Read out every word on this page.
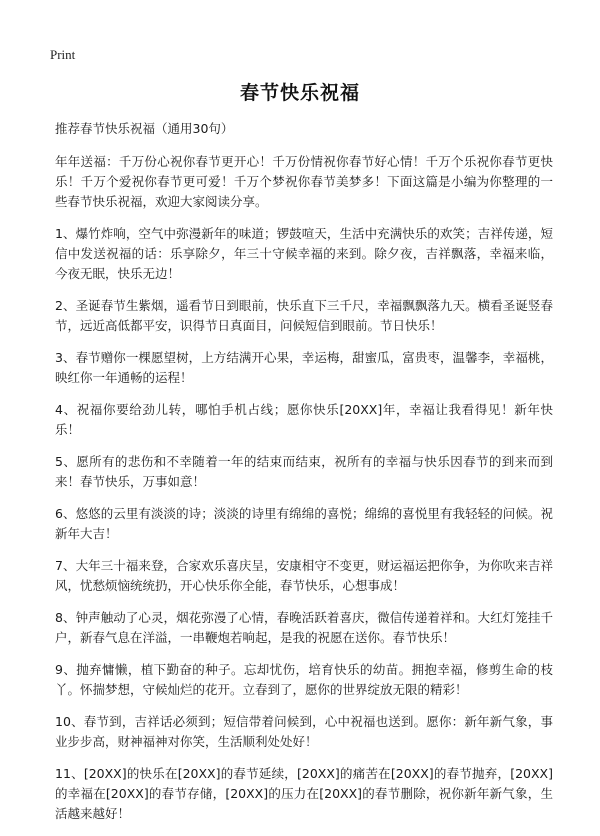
Print
春节快乐祝福

推荐春节快乐祝福（通用30句）

年年送福：千万份心祝你春节更开心！千万份情祝你春节好心情！千万个乐祝你春节更快乐！千万个爱祝你春节更可爱！千万个梦祝你春节美梦多！下面这篇是小编为你整理的一些春节快乐祝福，欢迎大家阅读分享。

1、爆竹炸响，空气中弥漫新年的味道；锣鼓喧天，生活中充满快乐的欢笑；吉祥传递，短信中发送祝福的话：乐享除夕，年三十守候幸福的来到。除夕夜，吉祥飘落，幸福来临，今夜无眠，快乐无边！

2、圣诞春节生紫烟，遥看节日到眼前，快乐直下三千尺，幸福飘飘落九天。横看圣诞竖春节，远近高低都平安，识得节日真面目，问候短信到眼前。节日快乐！

3、春节赠你一棵愿望树，上方结满开心果，幸运梅，甜蜜瓜，富贵枣，温馨李，幸福桃，映红你一年通畅的运程！

4、祝福你要给劲儿转，哪怕手机占线；愿你快乐[20XX]年，幸福让我看得见！新年快乐！

5、愿所有的悲伤和不幸随着一年的结束而结束，祝所有的幸福与快乐因春节的到来而到来！春节快乐，万事如意！

6、悠悠的云里有淡淡的诗；淡淡的诗里有绵绵的喜悦；绵绵的喜悦里有我轻轻的问候。祝新年大吉！

7、大年三十福来登，合家欢乐喜庆呈，安康相守不变更，财运福运把你争，为你吹来吉祥风，忧愁烦恼统统扔，开心快乐你全能，春节快乐，心想事成！

8、钟声触动了心灵，烟花弥漫了心情，春晚活跃着喜庆，微信传递着祥和。大红灯笼挂千户，新春气息在洋溢，一串鞭炮若响起，是我的祝愿在送你。春节快乐！

9、抛弃慵懒，植下勤奋的种子。忘却忧伤，培育快乐的幼苗。拥抱幸福，修剪生命的枝丫。怀揣梦想，守候灿烂的花开。立春到了，愿你的世界绽放无限的精彩！

10、春节到，吉祥话必须到；短信带着问候到，心中祝福也送到。愿你：新年新气象，事业步步高，财神福神对你笑，生活顺利处处好！

11、[20XX]的快乐在[20XX]的春节延续，[20XX]的痛苦在[20XX]的春节抛弃，[20XX]的幸福在[20XX]的春节存储，[20XX]的压力在[20XX]的春节删除，祝你新年新气象，生活越来越好！
